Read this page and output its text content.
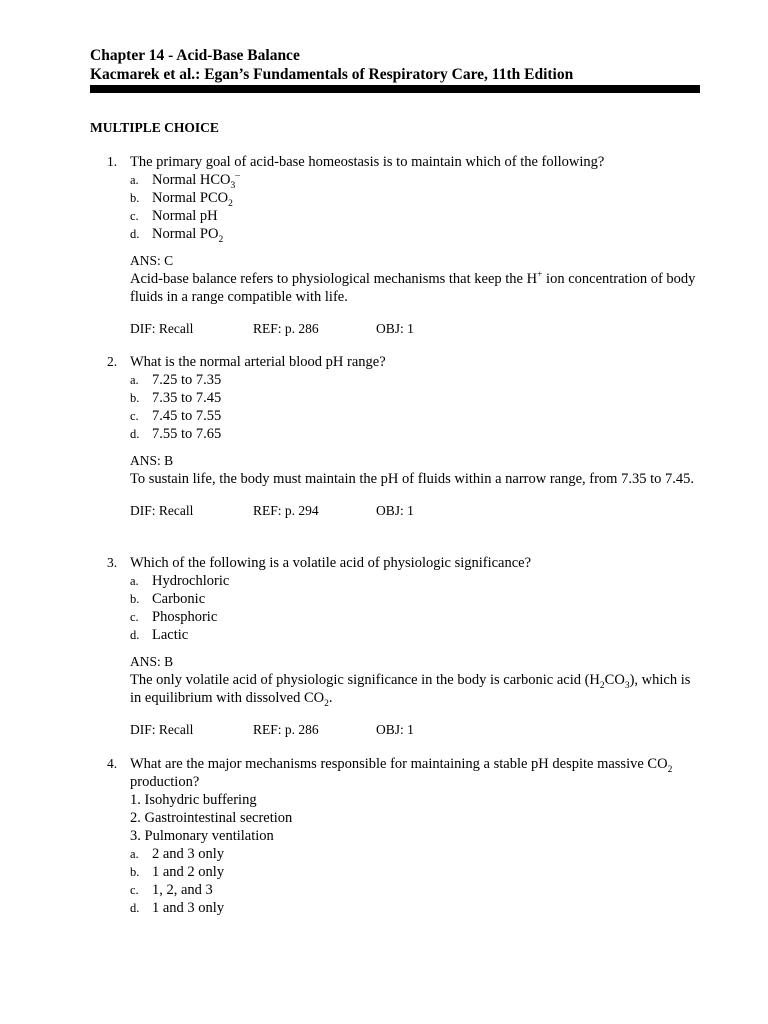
Chapter 14 - Acid-Base Balance
Kacmarek et al.: Egan’s Fundamentals of Respiratory Care, 11th Edition
MULTIPLE CHOICE
1. The primary goal of acid-base homeostasis is to maintain which of the following?
a. Normal $HCO_3^-$
b. Normal $PCO_2$
c. Normal pH
d. Normal $PO_2$
ANS: C
Acid-base balance refers to physiological mechanisms that keep the H+ ion concentration of body fluids in a range compatible with life.
DIF: Recall	REF: p. 286	OBJ: 1
2. What is the normal arterial blood pH range?
a. 7.25 to 7.35
b. 7.35 to 7.45
c. 7.45 to 7.55
d. 7.55 to 7.65
ANS: B
To sustain life, the body must maintain the pH of fluids within a narrow range, from 7.35 to 7.45.
DIF: Recall	REF: p. 294	OBJ: 1
3. Which of the following is a volatile acid of physiologic significance?
a. Hydrochloric
b. Carbonic
c. Phosphoric
d. Lactic
ANS: B
The only volatile acid of physiologic significance in the body is carbonic acid $(H_2CO_3)$, which is in equilibrium with dissolved $CO_2$.
DIF: Recall	REF: p. 286	OBJ: 1
4. What are the major mechanisms responsible for maintaining a stable pH despite massive $CO_2$ production?
1. Isohydric buffering
2. Gastrointestinal secretion
3. Pulmonary ventilation
a. 2 and 3 only
b. 1 and 2 only
c. 1, 2, and 3
d. 1 and 3 only
